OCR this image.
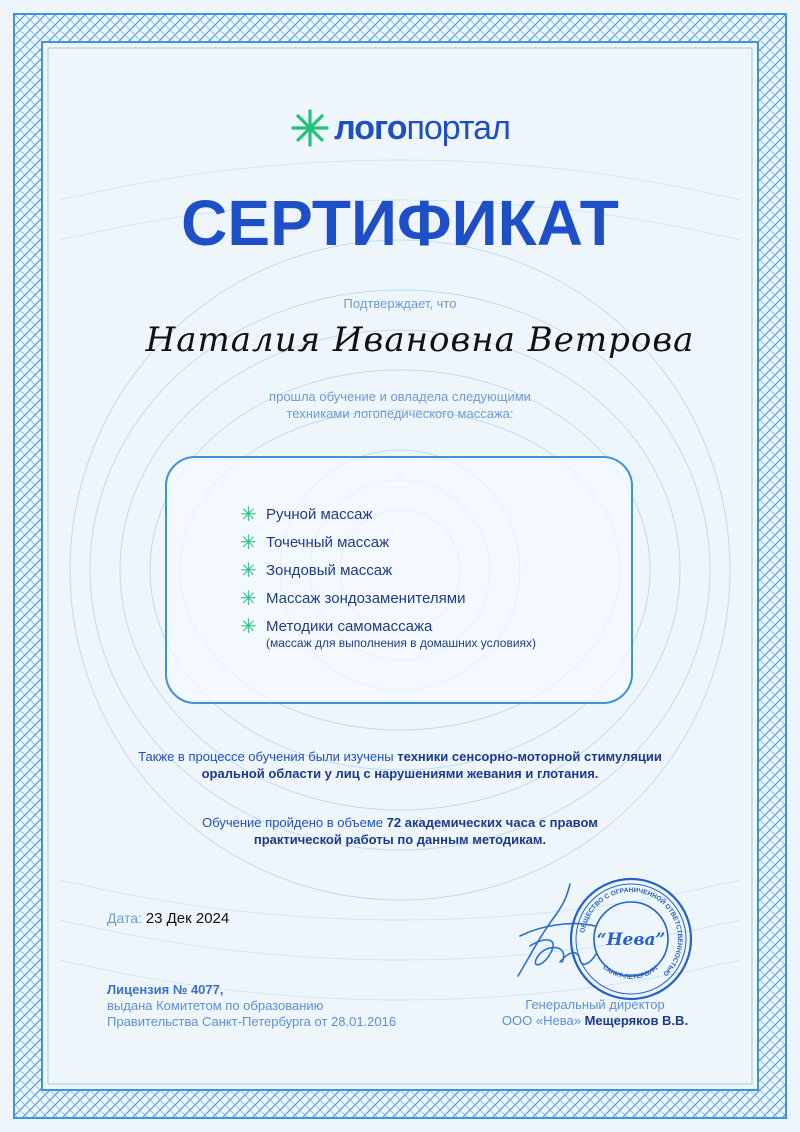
логопортал
СЕРТИФИКАТ
Подтверждает, что
Наталия Ивановна Ветрова
прошла обучение и овладела следующими
техниками логопедического массажа:
✳ Ручной массаж
✳ Точечный массаж
✳ Зондовый массаж
✳ Массаж зондозаменителями
✳ Методики самомассажа
(массаж для выполнения в домашних условиях)
Также в процессе обучения были изучены техники сенсорно-моторной стимуляции
оральной области у лиц с нарушениями жевания и глотания.
Обучение пройдено в объеме 72 академических часа с правом
практической работы по данным методикам.
Дата: 23 Дек 2024
Лицензия № 4077,
выдана Комитетом по образованию
Правительства Санкт-Петербурга от 28.01.2016
ОБЩЕСТВО С ОГРАНИЧЕННОЙ ОТВЕТСТВЕННОСТЬЮ
САНКТ-ПЕТЕРБУРГ
“Нева”
Генеральный директор
ООО «Нева» Мещеряков В.В.
